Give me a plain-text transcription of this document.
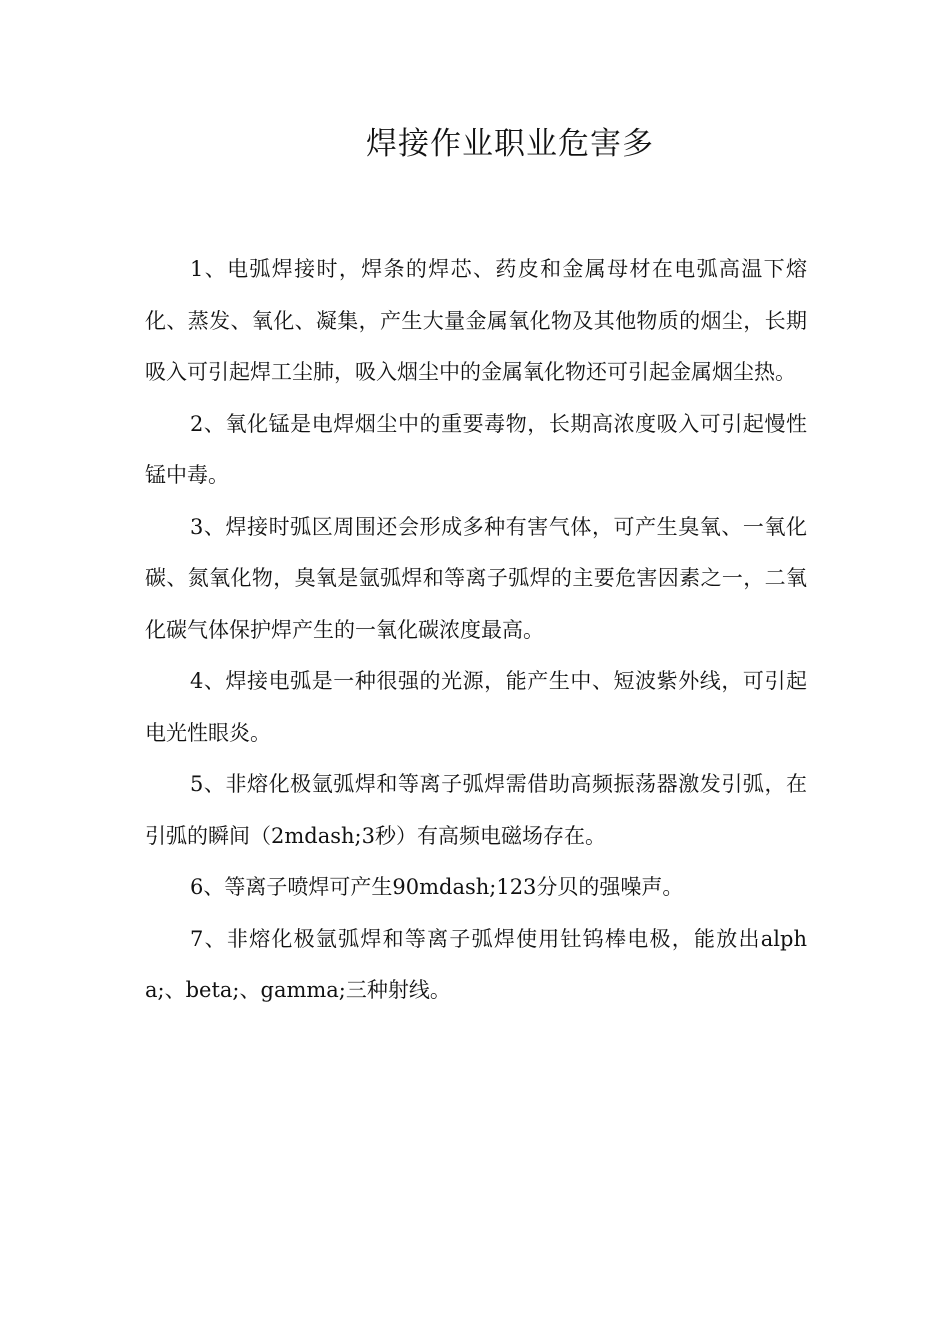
焊接作业职业危害多

1、电弧焊接时，焊条的焊芯、药皮和金属母材在电弧高温下熔化、蒸发、氧化、凝集，产生大量金属氧化物及其他物质的烟尘，长期吸入可引起焊工尘肺，吸入烟尘中的金属氧化物还可引起金属烟尘热。

2、氧化锰是电焊烟尘中的重要毒物，长期高浓度吸入可引起慢性锰中毒。

3、焊接时弧区周围还会形成多种有害气体，可产生臭氧、一氧化碳、氮氧化物，臭氧是氩弧焊和等离子弧焊的主要危害因素之一，二氧化碳气体保护焊产生的一氧化碳浓度最高。

4、焊接电弧是一种很强的光源，能产生中、短波紫外线，可引起电光性眼炎。

5、非熔化极氩弧焊和等离子弧焊需借助高频振荡器激发引弧，在引弧的瞬间（2mdash;3秒）有高频电磁场存在。

6、等离子喷焊可产生90mdash;123分贝的强噪声。

7、非熔化极氩弧焊和等离子弧焊使用钍钨棒电极，能放出alpha;、beta;、gamma;三种射线。
